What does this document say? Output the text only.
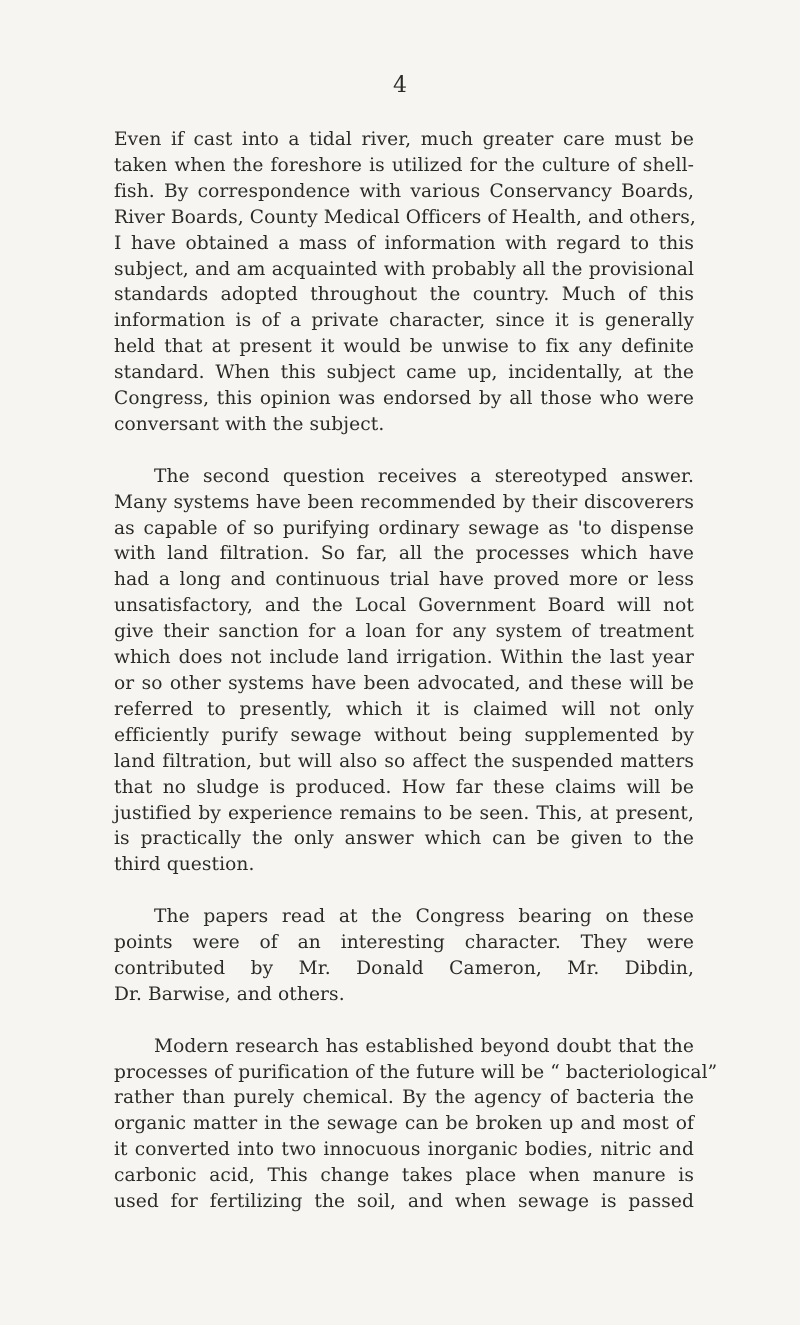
4

Even if cast into a tidal river, much greater care must be
taken when the foreshore is utilized for the culture of shell-
fish. By correspondence with various Conservancy Boards,
River Boards, County Medical Officers of Health, and others,
I have obtained a mass of information with regard to this
subject, and am acquainted with probably all the provisional
standards adopted throughout the country. Much of this
information is of a private character, since it is generally
held that at present it would be unwise to fix any definite
standard. When this subject came up, incidentally, at the
Congress, this opinion was endorsed by all those who were
conversant with the subject.

The second question receives a stereotyped answer.
Many systems have been recommended by their discoverers
as capable of so purifying ordinary sewage as 'to dispense
with land filtration. So far, all the processes which have
had a long and continuous trial have proved more or less
unsatisfactory, and the Local Government Board will not
give their sanction for a loan for any system of treatment
which does not include land irrigation. Within the last year
or so other systems have been advocated, and these will be
referred to presently, which it is claimed will not only
efficiently purify sewage without being supplemented by
land filtration, but will also so affect the suspended matters
that no sludge is produced. How far these claims will be
justified by experience remains to be seen. This, at present,
is practically the only answer which can be given to the
third question.

The papers read at the Congress bearing on these
points were of an interesting character. They were
contributed by Mr. Donald Cameron, Mr. Dibdin,
Dr. Barwise, and others.

Modern research has established beyond doubt that the
processes of purification of the future will be “ bacteriological”
rather than purely chemical. By the agency of bacteria the
organic matter in the sewage can be broken up and most of
it converted into two innocuous inorganic bodies, nitric and
carbonic acid, This change takes place when manure is
used for fertilizing the soil, and when sewage is passed
